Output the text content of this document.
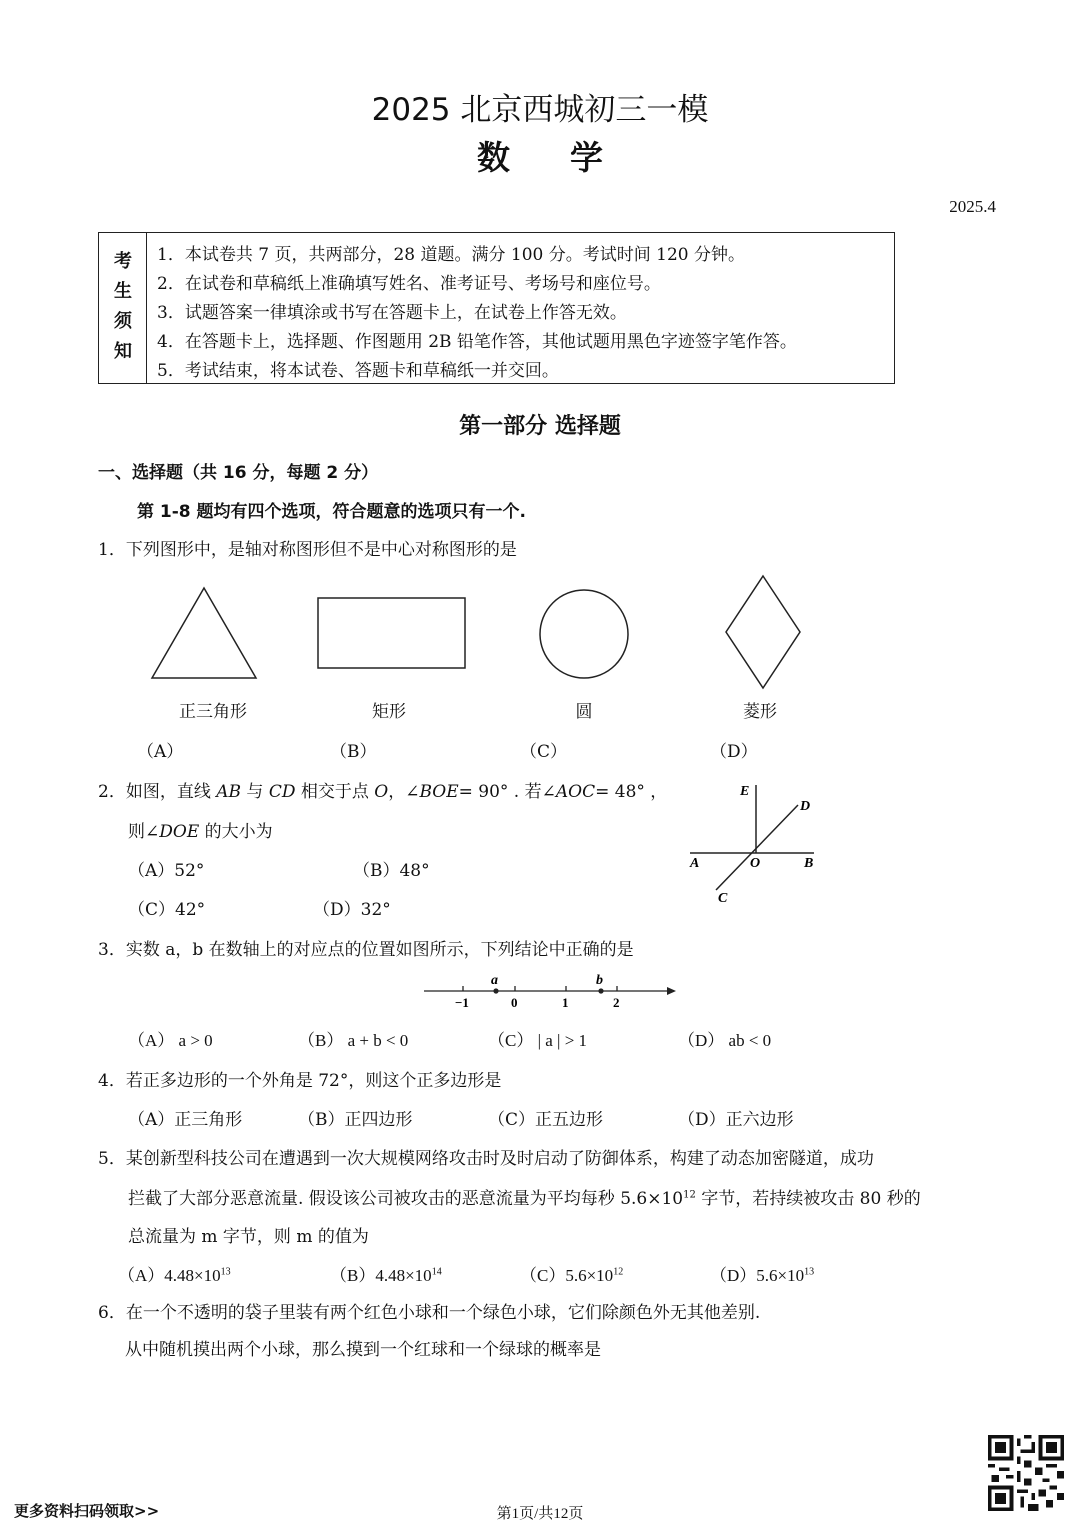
2025 北京西城初三一模
数学
2025.4
考
生
须
知
1．本试卷共 7 页，共两部分，28 道题。满分 100 分。考试时间 120 分钟。
2．在试卷和草稿纸上准确填写姓名、准考证号、考场号和座位号。
3．试题答案一律填涂或书写在答题卡上，在试卷上作答无效。
4．在答题卡上，选择题、作图题用 2B 铅笔作答，其他试题用黑色字迹签字笔作答。
5．考试结束，将本试卷、答题卡和草稿纸一并交回。
第一部分 选择题
一、选择题（共 16 分，每题 2 分）
第 1-8 题均有四个选项，符合题意的选项只有一个.
1．下列图形中，是轴对称图形但不是中心对称图形的是
正三角形	矩形	圆	菱形
（A）	（B）	（C）	（D）
2．如图，直线 AB 与 CD 相交于点 O，∠BOE= 90° . 若∠AOC= 48° ，
则∠DOE 的大小为
（A）52°	（B）48°
（C）42°	（D）32°
E
D
A	O	B
C
3．实数 a，b 在数轴上的对应点的位置如图所示，下列结论中正确的是
a	b
−1	0	1	2
（A） a > 0	（B） a + b < 0	（C） | a | > 1	（D） ab < 0
4．若正多边形的一个外角是 72°，则这个正多边形是
（A）正三角形	（B）正四边形	（C）正五边形	（D）正六边形
5．某创新型科技公司在遭遇到一次大规模网络攻击时及时启动了防御体系，构建了动态加密隧道，成功
拦截了大部分恶意流量. 假设该公司被攻击的恶意流量为平均每秒 $5.6\times 10^{12}$ 字节，若持续被攻击 80 秒的
总流量为 m 字节，则 m 的值为
$(A)4.48\times 10^{13}$	$(B)4.48\times 10^{14}$	$(C)5.6\times 10^{12}$	$(D)5.6\times 10^{13}$
6．在一个不透明的袋子里装有两个红色小球和一个绿色小球，它们除颜色外无其他差别.
从中随机摸出两个小球，那么摸到一个红球和一个绿球的概率是
更多资料扫码领取>>	第1页/共12页
